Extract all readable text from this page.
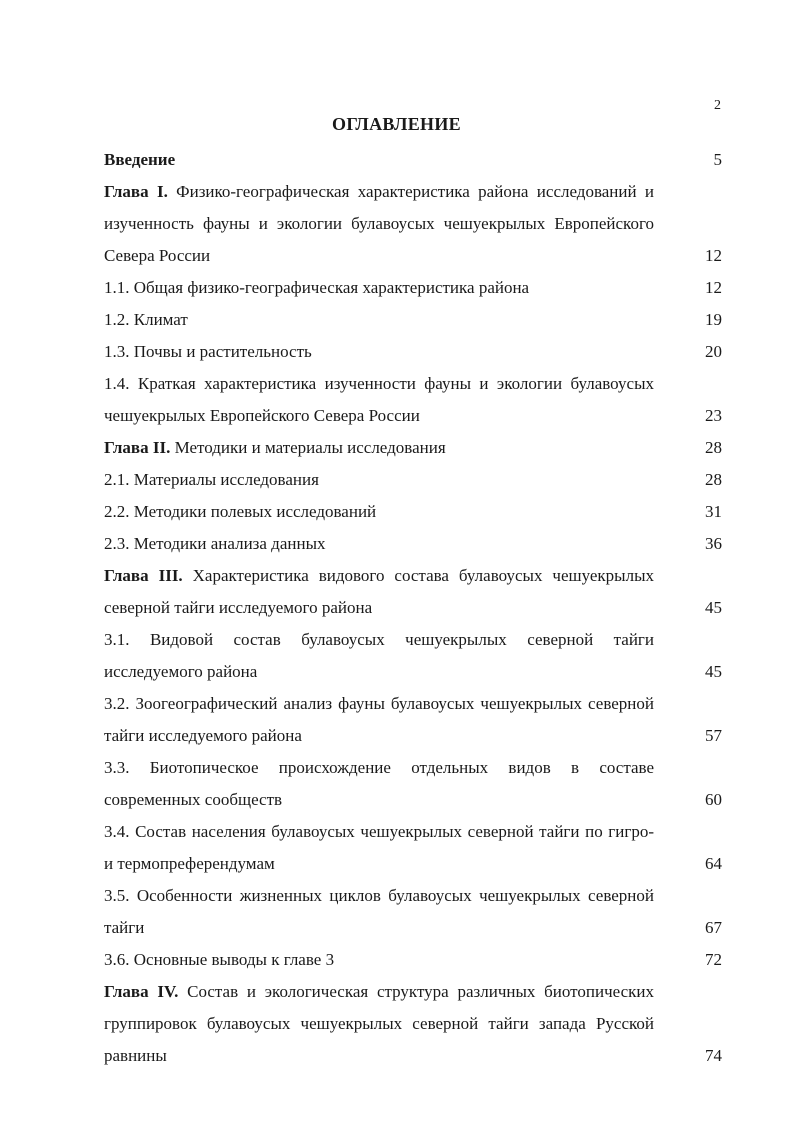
2
ОГЛАВЛЕНИЕ
Введение	5
Глава I. Физико-географическая характеристика района исследований и изученность фауны и экологии булавоусых чешуекрылых Европейского Севера России	12
1.1. Общая физико-географическая характеристика района	12
1.2. Климат	19
1.3. Почвы и растительность	20
1.4. Краткая характеристика изученности фауны и экологии булавоусых чешуекрылых Европейского Севера России	23
Глава II. Методики и материалы исследования	28
2.1. Материалы исследования	28
2.2. Методики полевых исследований	31
2.3. Методики анализа данных	36
Глава III. Характеристика видового состава булавоусых чешуекрылых северной тайги исследуемого района	45
3.1. Видовой состав булавоусых чешуекрылых северной тайги исследуемого района	45
3.2. Зоогеографический анализ фауны булавоусых чешуекрылых северной тайги исследуемого района	57
3.3. Биотопическое происхождение отдельных видов в составе современных сообществ	60
3.4. Состав населения булавоусых чешуекрылых северной тайги по гигро- и термопреферендумам	64
3.5. Особенности жизненных циклов булавоусых чешуекрылых северной тайги	67
3.6. Основные выводы к главе 3	72
Глава IV. Состав и экологическая структура различных биотопических группировок булавоусых чешуекрылых северной тайги запада Русской равнины	74
